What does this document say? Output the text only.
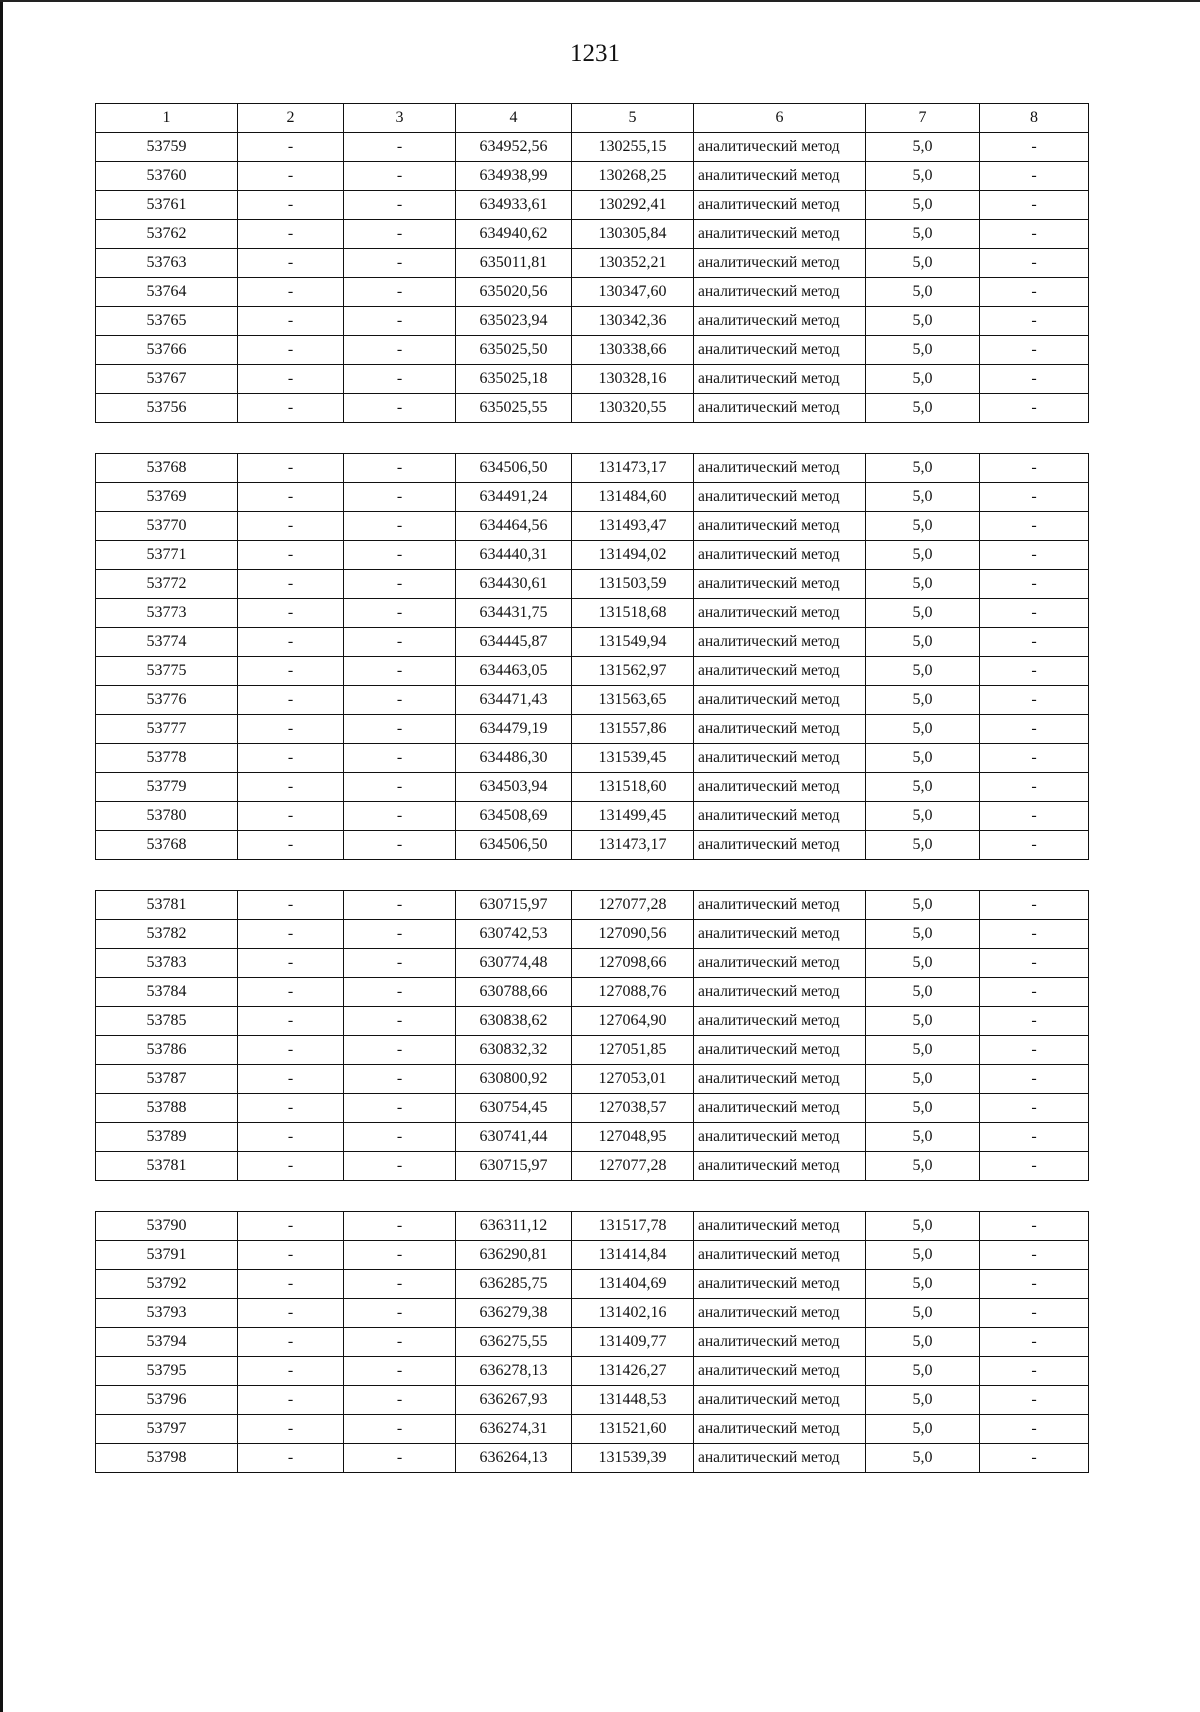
1231
1	2	3	4	5	6	7	8
53759	-	-	634952,56	130255,15	аналитический метод	5,0	-
53760	-	-	634938,99	130268,25	аналитический метод	5,0	-
53761	-	-	634933,61	130292,41	аналитический метод	5,0	-
53762	-	-	634940,62	130305,84	аналитический метод	5,0	-
53763	-	-	635011,81	130352,21	аналитический метод	5,0	-
53764	-	-	635020,56	130347,60	аналитический метод	5,0	-
53765	-	-	635023,94	130342,36	аналитический метод	5,0	-
53766	-	-	635025,50	130338,66	аналитический метод	5,0	-
53767	-	-	635025,18	130328,16	аналитический метод	5,0	-
53756	-	-	635025,55	130320,55	аналитический метод	5,0	-
53768	-	-	634506,50	131473,17	аналитический метод	5,0	-
53769	-	-	634491,24	131484,60	аналитический метод	5,0	-
53770	-	-	634464,56	131493,47	аналитический метод	5,0	-
53771	-	-	634440,31	131494,02	аналитический метод	5,0	-
53772	-	-	634430,61	131503,59	аналитический метод	5,0	-
53773	-	-	634431,75	131518,68	аналитический метод	5,0	-
53774	-	-	634445,87	131549,94	аналитический метод	5,0	-
53775	-	-	634463,05	131562,97	аналитический метод	5,0	-
53776	-	-	634471,43	131563,65	аналитический метод	5,0	-
53777	-	-	634479,19	131557,86	аналитический метод	5,0	-
53778	-	-	634486,30	131539,45	аналитический метод	5,0	-
53779	-	-	634503,94	131518,60	аналитический метод	5,0	-
53780	-	-	634508,69	131499,45	аналитический метод	5,0	-
53768	-	-	634506,50	131473,17	аналитический метод	5,0	-
53781	-	-	630715,97	127077,28	аналитический метод	5,0	-
53782	-	-	630742,53	127090,56	аналитический метод	5,0	-
53783	-	-	630774,48	127098,66	аналитический метод	5,0	-
53784	-	-	630788,66	127088,76	аналитический метод	5,0	-
53785	-	-	630838,62	127064,90	аналитический метод	5,0	-
53786	-	-	630832,32	127051,85	аналитический метод	5,0	-
53787	-	-	630800,92	127053,01	аналитический метод	5,0	-
53788	-	-	630754,45	127038,57	аналитический метод	5,0	-
53789	-	-	630741,44	127048,95	аналитический метод	5,0	-
53781	-	-	630715,97	127077,28	аналитический метод	5,0	-
53790	-	-	636311,12	131517,78	аналитический метод	5,0	-
53791	-	-	636290,81	131414,84	аналитический метод	5,0	-
53792	-	-	636285,75	131404,69	аналитический метод	5,0	-
53793	-	-	636279,38	131402,16	аналитический метод	5,0	-
53794	-	-	636275,55	131409,77	аналитический метод	5,0	-
53795	-	-	636278,13	131426,27	аналитический метод	5,0	-
53796	-	-	636267,93	131448,53	аналитический метод	5,0	-
53797	-	-	636274,31	131521,60	аналитический метод	5,0	-
53798	-	-	636264,13	131539,39	аналитический метод	5,0	-
